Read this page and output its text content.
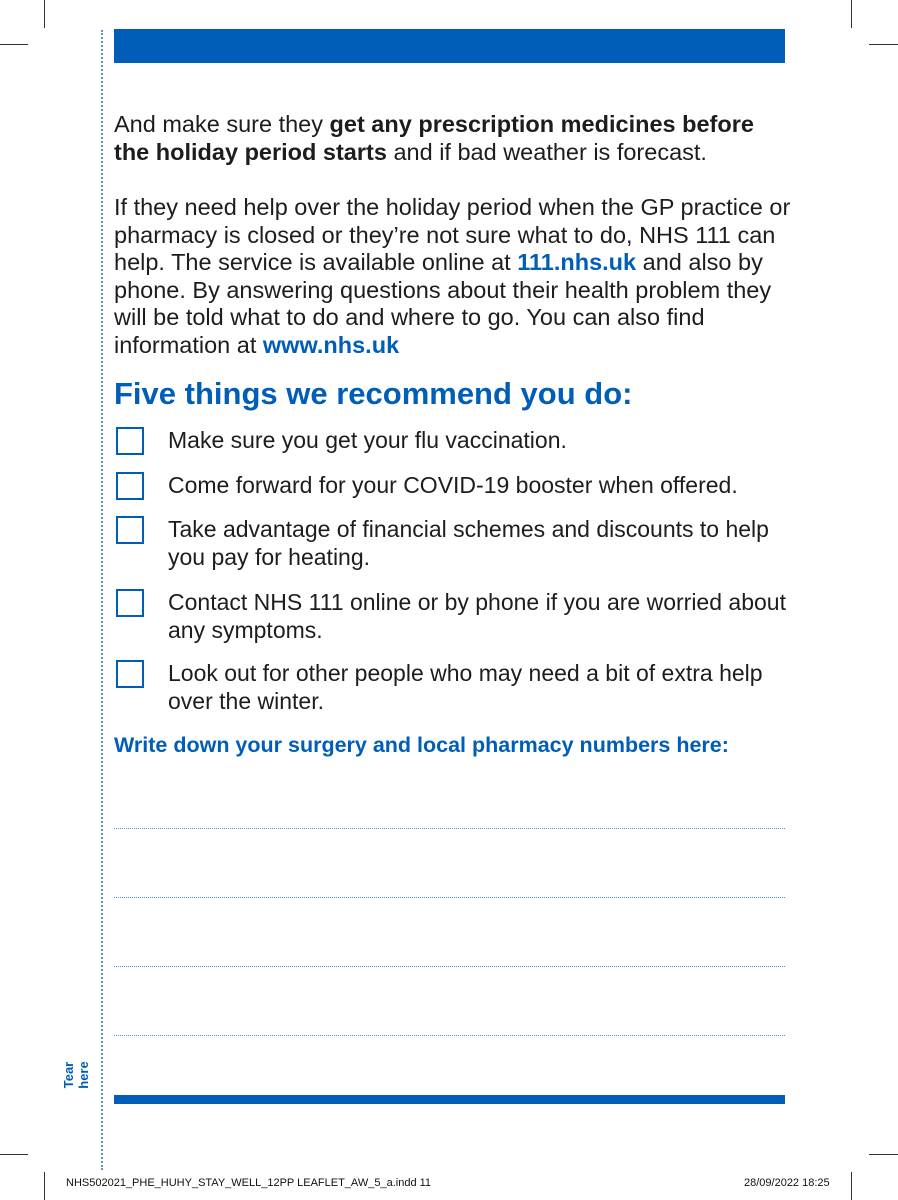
Tear here
And make sure they get any prescription medicines before the holiday period starts and if bad weather is forecast.
If they need help over the holiday period when the GP practice or pharmacy is closed or they’re not sure what to do, NHS 111 can help. The service is available online at 111.nhs.uk and also by phone. By answering questions about their health problem they will be told what to do and where to go. You can also find information at www.nhs.uk
Five things we recommend you do:
Make sure you get your flu vaccination.
Come forward for your COVID-19 booster when offered.
Take advantage of financial schemes and discounts to help you pay for heating.
Contact NHS 111 online or by phone if you are worried about any symptoms.
Look out for other people who may need a bit of extra help over the winter.
Write down your surgery and local pharmacy numbers here:
NHS502021_PHE_HUHY_STAY_WELL_12PP LEAFLET_AW_5_a.indd 11	28/09/2022 18:25
